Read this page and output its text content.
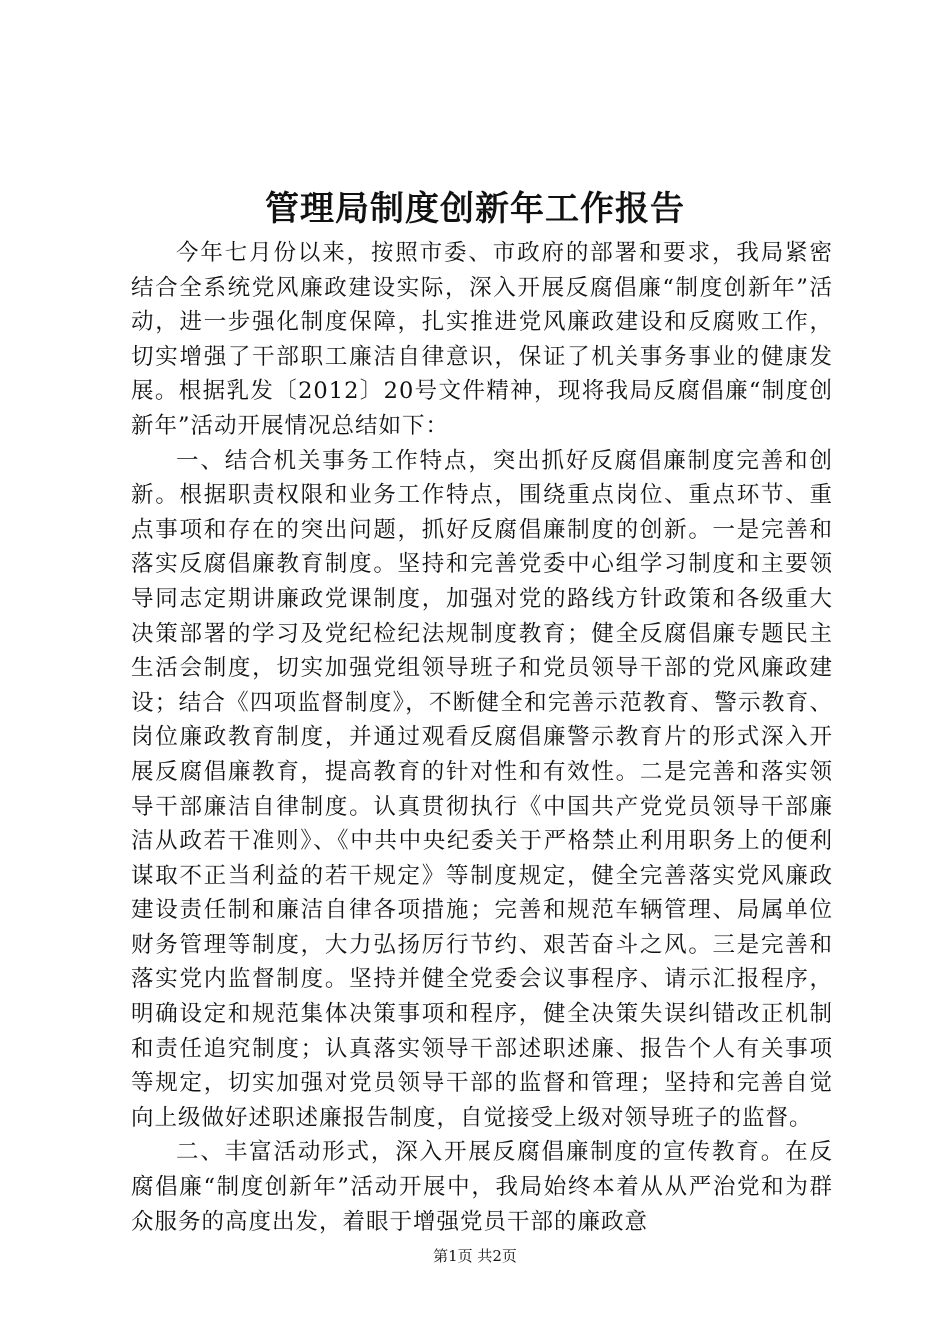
管理局制度创新年工作报告

今年七月份以来，按照市委、市政府的部署和要求，我局紧密结合全系统党风廉政建设实际，深入开展反腐倡廉“制度创新年”活动，进一步强化制度保障，扎实推进党风廉政建设和反腐败工作，切实增强了干部职工廉洁自律意识，保证了机关事务事业的健康发展。根据乳发〔2012〕20号文件精神，现将我局反腐倡廉“制度创新年”活动开展情况总结如下：

一、结合机关事务工作特点，突出抓好反腐倡廉制度完善和创新。根据职责权限和业务工作特点，围绕重点岗位、重点环节、重点事项和存在的突出问题，抓好反腐倡廉制度的创新。一是完善和落实反腐倡廉教育制度。坚持和完善党委中心组学习制度和主要领导同志定期讲廉政党课制度，加强对党的路线方针政策和各级重大决策部署的学习及党纪检纪法规制度教育；健全反腐倡廉专题民主生活会制度，切实加强党组领导班子和党员领导干部的党风廉政建设；结合《四项监督制度》，不断健全和完善示范教育、警示教育、岗位廉政教育制度，并通过观看反腐倡廉警示教育片的形式深入开展反腐倡廉教育，提高教育的针对性和有效性。二是完善和落实领导干部廉洁自律制度。认真贯彻执行《中国共产党党员领导干部廉洁从政若干准则》、《中共中央纪委关于严格禁止利用职务上的便利谋取不正当利益的若干规定》等制度规定，健全完善落实党风廉政建设责任制和廉洁自律各项措施；完善和规范车辆管理、局属单位财务管理等制度，大力弘扬厉行节约、艰苦奋斗之风。三是完善和落实党内监督制度。坚持并健全党委会议事程序、请示汇报程序，明确设定和规范集体决策事项和程序，健全决策失误纠错改正机制和责任追究制度；认真落实领导干部述职述廉、报告个人有关事项等规定，切实加强对党员领导干部的监督和管理；坚持和完善自觉向上级做好述职述廉报告制度，自觉接受上级对领导班子的监督。

二、丰富活动形式，深入开展反腐倡廉制度的宣传教育。在反腐倡廉“制度创新年”活动开展中，我局始终本着从从严治党和为群众服务的高度出发，着眼于增强党员干部的廉政意

第1页 共2页
